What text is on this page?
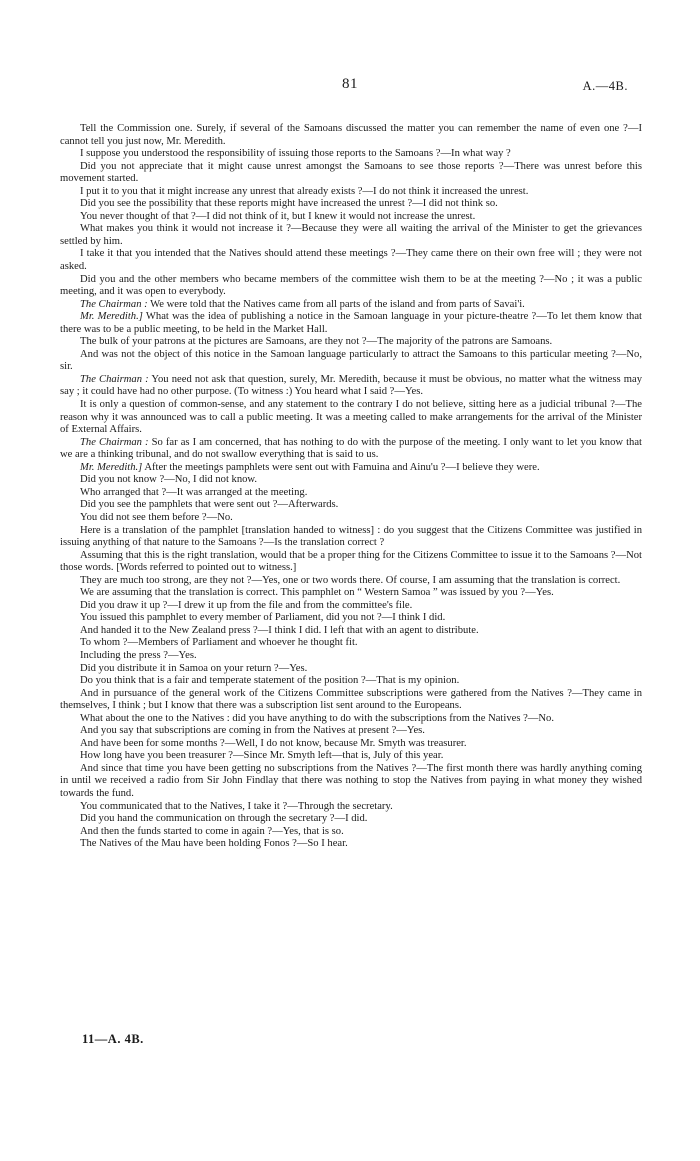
81	A.—4B.

Tell the Commission one. Surely, if several of the Samoans discussed the matter you can remember the name of even one ?—I cannot tell you just now, Mr. Meredith.

I suppose you understood the responsibility of issuing those reports to the Samoans ?—In what way ?

Did you not appreciate that it might cause unrest amongst the Samoans to see those reports ?—There was unrest before this movement started.

I put it to you that it might increase any unrest that already exists ?—I do not think it increased the unrest.

Did you see the possibility that these reports might have increased the unrest ?—I did not think so.

You never thought of that ?—I did not think of it, but I knew it would not increase the unrest.

What makes you think it would not increase it ?—Because they were all waiting the arrival of the Minister to get the grievances settled by him.

I take it that you intended that the Natives should attend these meetings ?—They came there on their own free will ; they were not asked.

Did you and the other members who became members of the committee wish them to be at the meeting ?—No ; it was a public meeting, and it was open to everybody.

The Chairman : We were told that the Natives came from all parts of the island and from parts of Savai'i.

Mr. Meredith.] What was the idea of publishing a notice in the Samoan language in your picture-theatre ?—To let them know that there was to be a public meeting, to be held in the Market Hall.

The bulk of your patrons at the pictures are Samoans, are they not ?—The majority of the patrons are Samoans.

And was not the object of this notice in the Samoan language particularly to attract the Samoans to this particular meeting ?—No, sir.

The Chairman : You need not ask that question, surely, Mr. Meredith, because it must be obvious, no matter what the witness may say ; it could have had no other purpose. (To witness :) You heard what I said ?—Yes.

It is only a question of common-sense, and any statement to the contrary I do not believe, sitting here as a judicial tribunal ?—The reason why it was announced was to call a public meeting. It was a meeting called to make arrangements for the arrival of the Minister of External Affairs.

The Chairman : So far as I am concerned, that has nothing to do with the purpose of the meeting. I only want to let you know that we are a thinking tribunal, and do not swallow everything that is said to us.

Mr. Meredith.] After the meetings pamphlets were sent out with Famuina and Ainu'u ?—I believe they were.

Did you not know ?—No, I did not know.

Who arranged that ?—It was arranged at the meeting.

Did you see the pamphlets that were sent out ?—Afterwards.

You did not see them before ?—No.

Here is a translation of the pamphlet [translation handed to witness] : do you suggest that the Citizens Committee was justified in issuing anything of that nature to the Samoans ?—Is the translation correct ?

Assuming that this is the right translation, would that be a proper thing for the Citizens Committee to issue it to the Samoans ?—Not those words. [Words referred to pointed out to witness.]

They are much too strong, are they not ?—Yes, one or two words there. Of course, I am assuming that the translation is correct.

We are assuming that the translation is correct. This pamphlet on “ Western Samoa ” was issued by you ?—Yes.

Did you draw it up ?—I drew it up from the file and from the committee's file.

You issued this pamphlet to every member of Parliament, did you not ?—I think I did.

And handed it to the New Zealand press ?—I think I did. I left that with an agent to distribute.

To whom ?—Members of Parliament and whoever he thought fit.

Including the press ?—Yes.

Did you distribute it in Samoa on your return ?—Yes.

Do you think that is a fair and temperate statement of the position ?—That is my opinion.

And in pursuance of the general work of the Citizens Committee subscriptions were gathered from the Natives ?—They came in themselves, I think ; but I know that there was a subscription list sent around to the Europeans.

What about the one to the Natives : did you have anything to do with the subscriptions from the Natives ?—No.

And you say that subscriptions are coming in from the Natives at present ?—Yes.

And have been for some months ?—Well, I do not know, because Mr. Smyth was treasurer.

How long have you been treasurer ?—Since Mr. Smyth left—that is, July of this year.

And since that time you have been getting no subscriptions from the Natives ?—The first month there was hardly anything coming in until we received a radio from Sir John Findlay that there was nothing to stop the Natives from paying in what money they wished towards the fund.

You communicated that to the Natives, I take it ?—Through the secretary.

Did you hand the communication on through the secretary ?—I did.

And then the funds started to come in again ?—Yes, that is so.

The Natives of the Mau have been holding Fonos ?—So I hear.

11—A. 4B.
